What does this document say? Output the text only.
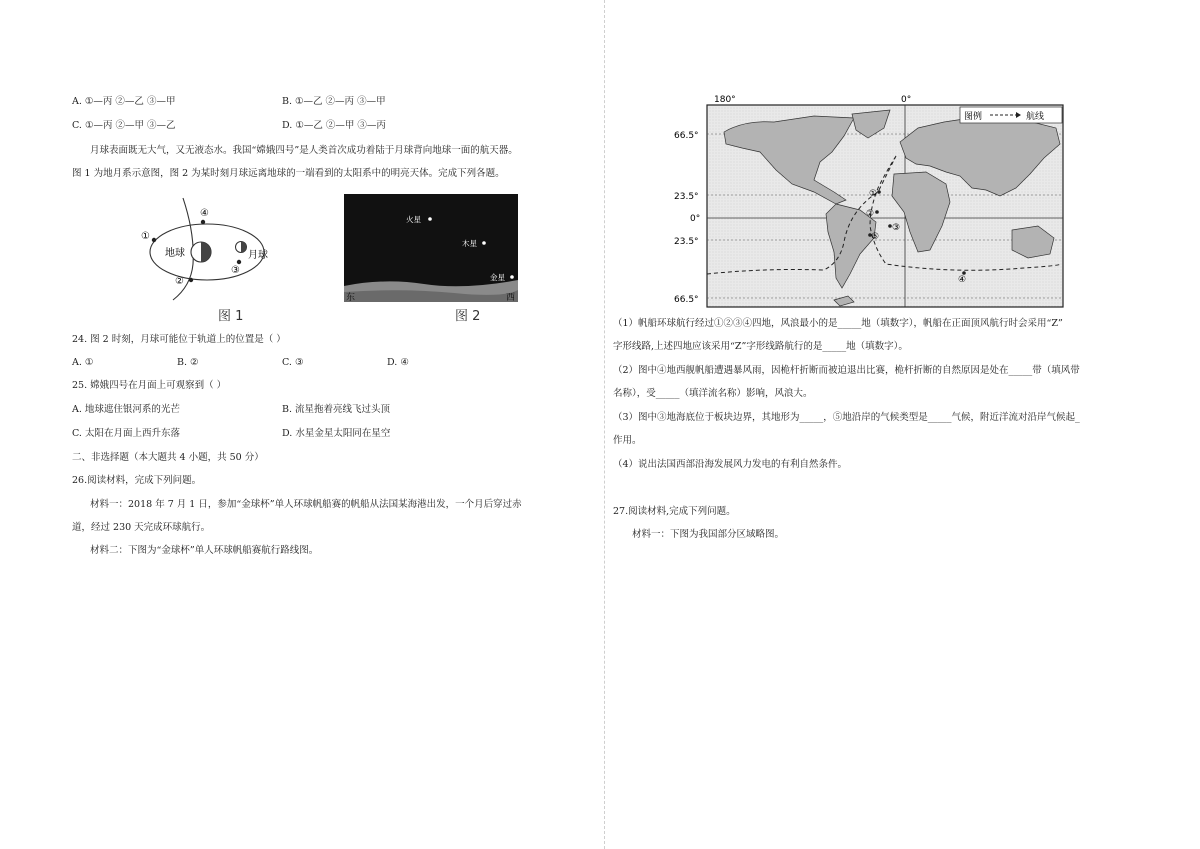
A. ①—丙 ②—乙 ③—甲	B. ①—乙 ②—丙 ③—甲
C. ①—丙 ②—甲 ③—乙	D. ①—乙 ②—甲 ③—丙
月球表面既无大气，又无液态水。我国“嫦娥四号”是人类首次成功着陆于月球背向地球一面的航天器。
图 1 为地月系示意图，图 2 为某时刻月球远离地球的一端看到的太阳系中的明亮天体。完成下列各题。
地球	月球
①
②
③
④
图 1
火星
木星
金星
东	西
图 2
24. 图 2 时刻，月球可能位于轨道上的位置是（ ）
A. ①	B. ②	C. ③	D. ④
25. 嫦娥四号在月面上可观察到（ ）
A. 地球遮住银河系的光芒	B. 流星拖着亮线飞过头顶
C. 太阳在月面上西升东落	D. 水星金星太阳同在星空
二、非选择题（本大题共 4 小题，共 50 分）
26.阅读材料，完成下列问题。
材料一：2018 年 7 月 1 日，参加“金球杯”单人环球帆船赛的帆船从法国某海港出发，一个月后穿过赤
道，经过 230 天完成环球航行。
材料二：下图为“金球杯”单人环球帆船赛航行路线图。
180°	0°
66.5°
23.5°
0°
23.5°
66.5°
图例	航线
①
②
③
④
⑤
（1）帆船环球航行经过①②③④四地，风浪最小的是_____地（填数字），帆船在正面顶风航行时会采用“Z”
字形线路,上述四地应该采用“Z”字形线路航行的是_____地（填数字）。
（2）图中④地西舰帆船遭遇暴风雨，因桅杆折断而被迫退出比赛，桅杆折断的自然原因是处在_____带（填风带
名称），受_____（填洋流名称）影响，风浪大。
（3）图中③地海底位于板块边界，其地形为_____，⑤地沿岸的气候类型是_____气候，附近洋流对沿岸气候起_
作用。
（4）说出法国西部沿海发展风力发电的有利自然条件。
27.阅读材料,完成下列问题。
材料一：下图为我国部分区域略图。
